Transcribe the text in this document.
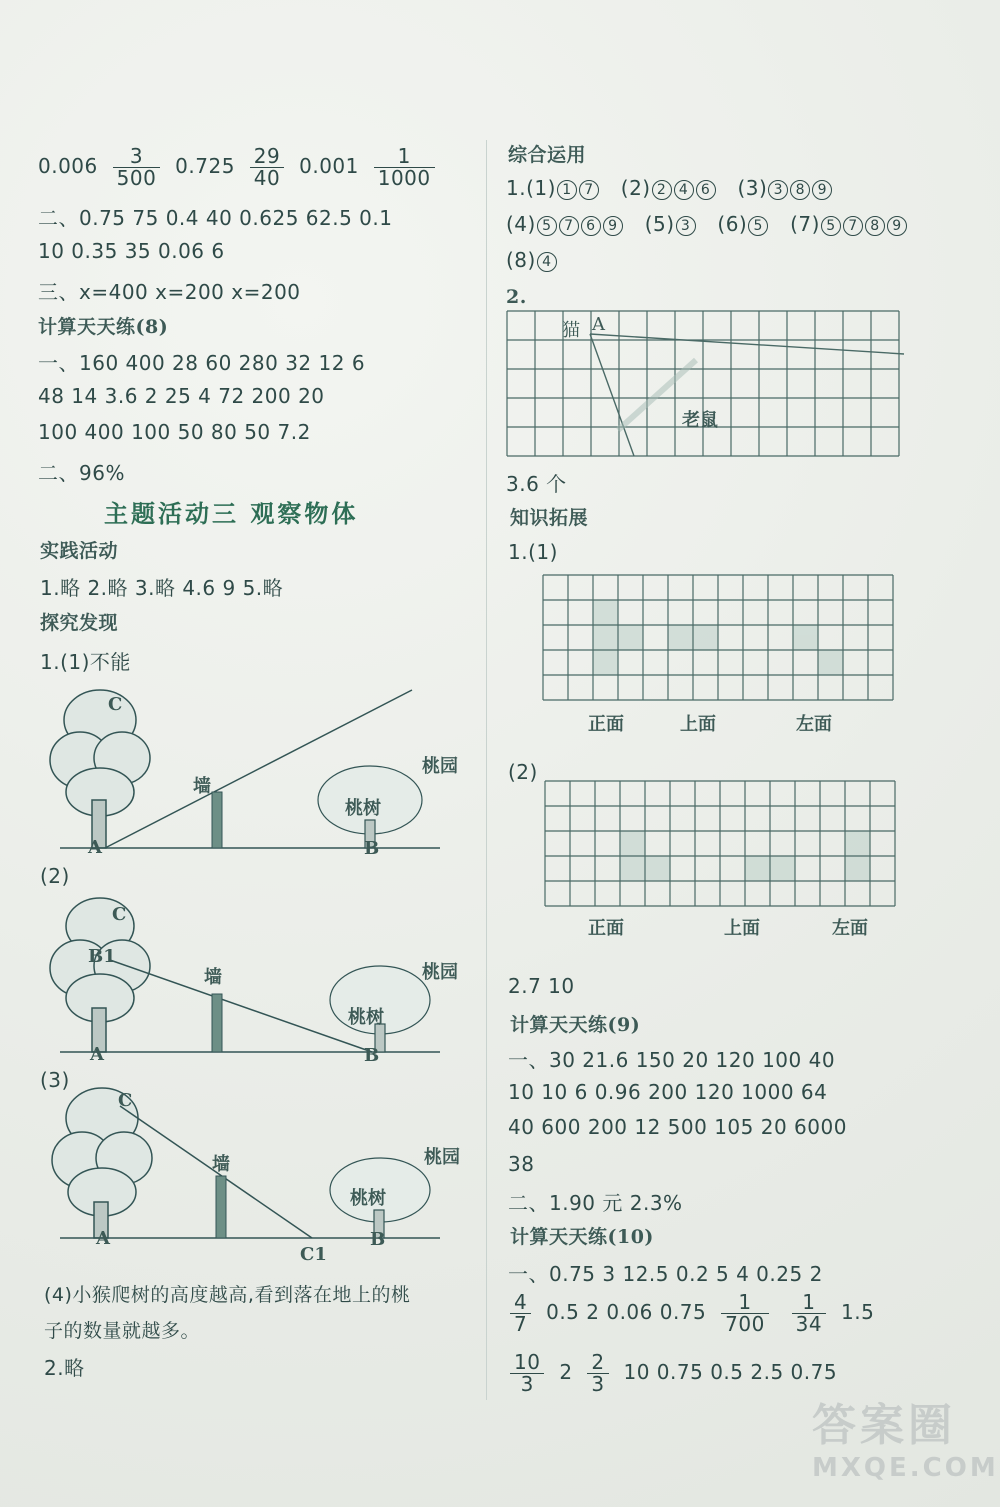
$0.006 \frac{3}{500} 0.725 \frac{29}{40} 0.001 \frac{1}{1000}$
二、0.75 75 0.4 40 0.625 62.5 0.1
10 0.35 35 0.06 6
三、x=400 x=200 x=200
计算天天练(8)
一、160 400 28 60 280 32 12 6
48 14 3.6 2 25 4 72 200 20
100 400 100 50 80 50 7.2
二、96%
主题活动三 观察物体
实践活动
1.略 2.略 3.略 4.6 9 5.略
探究发现
1.(1)不能
C
A	B
墙
桃园
桃树
(2)
C
B1
A	B
墙	桃园
桃树
(3)
C
A
C1
B
墙	桃园
桃树
(4)小猴爬树的高度越高,看到落在地上的桃
子的数量就越多。
2.略
综合运用
1.(1) 1 7 (2) 2 4 6 (3) 3 8 9
(4) 5 7 6 9 (5) 3 (6) 5 (7) 5 7 8 9
(8) 4
2.
猫 A
老鼠
3.6 个
知识拓展
1.(1)
正面	上面	左面
(2)
正面	上面	左面
2.7 10
计算天天练(9)
一、30 21.6 150 20 120 100 40
10 10 6 0.96 200 120 1000 64
40 600 200 12 500 105 20 6000
38
二、1.90 元 2.3%
计算天天练(10)
一、0.75 3 12.5 0.2 5 4 0.25 2
$\frac{4}{7} 0.5$ 2 0.06 $0.75 \frac{1}{700}$
$\frac{1}{34} 1.5$
$\frac{10}{3} 2 \frac{2}{3} 10$ 0.75 0.5 2.5 0.75
答案圈
MXQE.COM
